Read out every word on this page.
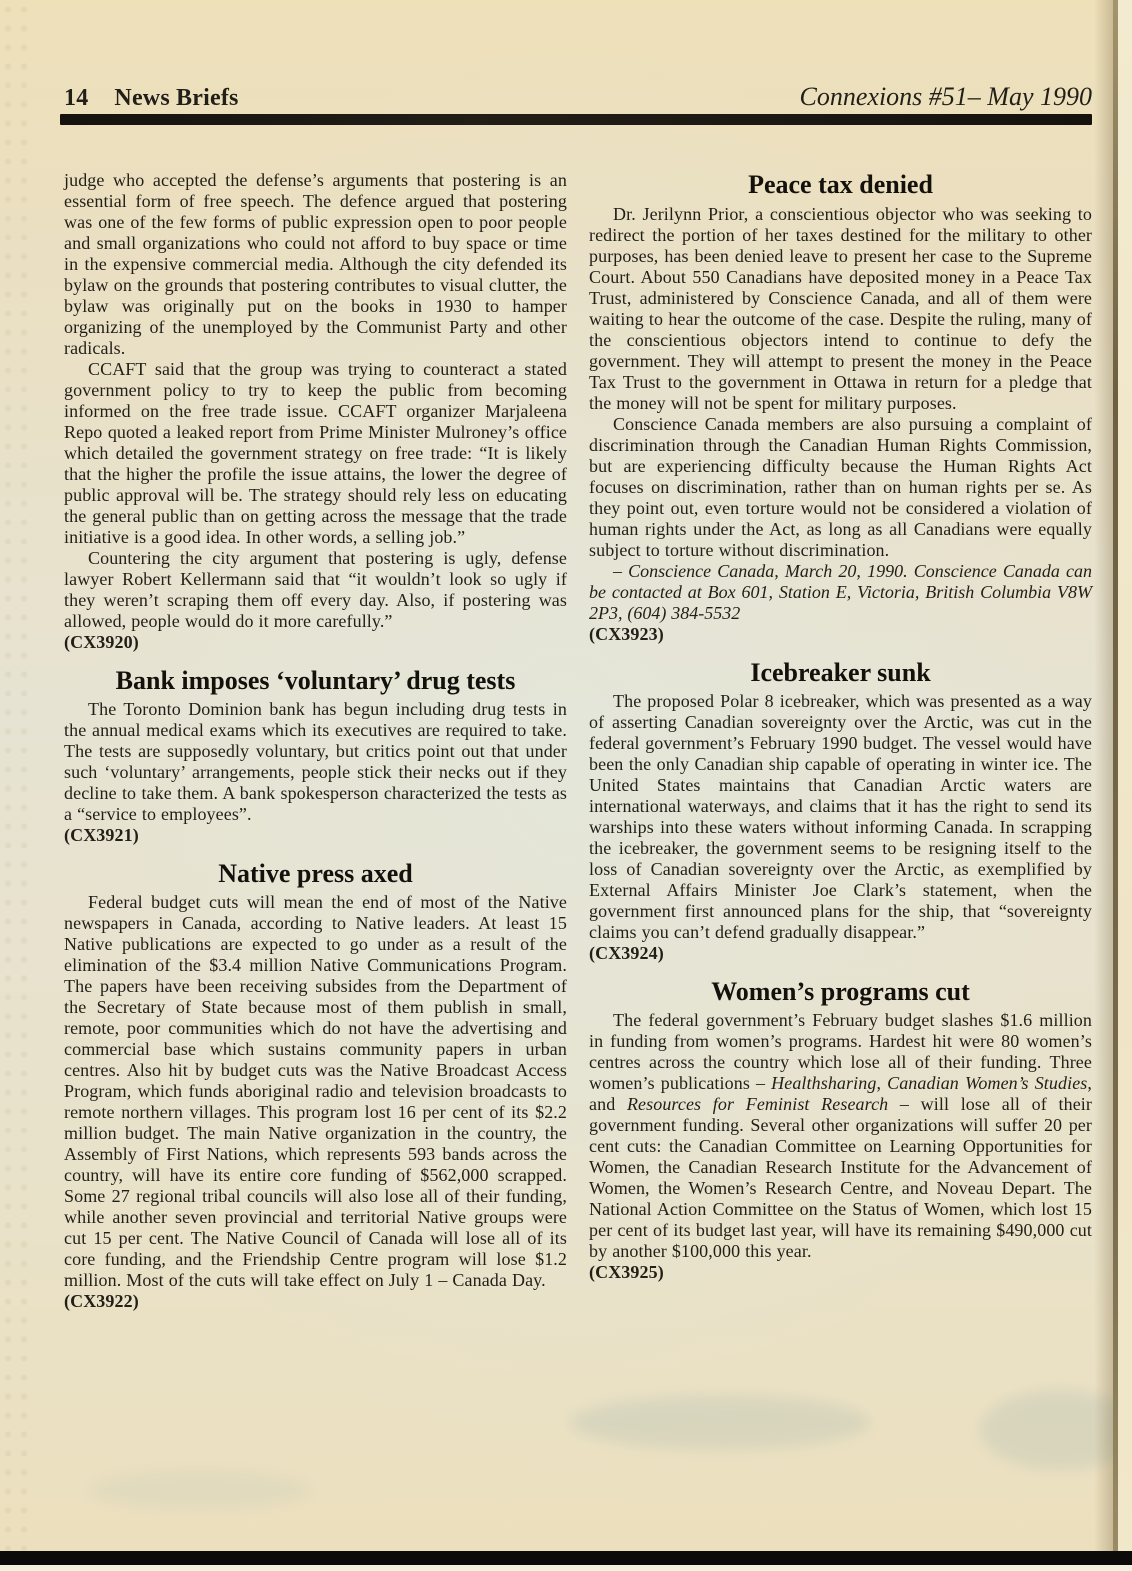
14 News Briefs	Connexions #51– May 1990

judge who accepted the defense’s arguments that postering is an essential form of free speech. The defence argued that postering was one of the few forms of public expression open to poor people and small organizations who could not afford to buy space or time in the expensive commercial media. Although the city defended its bylaw on the grounds that postering contributes to visual clutter, the bylaw was originally put on the books in 1930 to hamper organizing of the unemployed by the Communist Party and other radicals.

CCAFT said that the group was trying to counteract a stated government policy to try to keep the public from becoming informed on the free trade issue. CCAFT organizer Marjaleena Repo quoted a leaked report from Prime Minister Mulroney’s office which detailed the government strategy on free trade: “It is likely that the higher the profile the issue attains, the lower the degree of public approval will be. The strategy should rely less on educating the general public than on getting across the message that the trade initiative is a good idea. In other words, a selling job.”

Countering the city argument that postering is ugly, defense lawyer Robert Kellermann said that “it wouldn’t look so ugly if they weren’t scraping them off every day. Also, if postering was allowed, people would do it more carefully.”

(CX3920)

Bank imposes ‘voluntary’ drug tests

The Toronto Dominion bank has begun including drug tests in the annual medical exams which its executives are required to take. The tests are supposedly voluntary, but critics point out that under such ‘voluntary’ arrangements, people stick their necks out if they decline to take them. A bank spokesperson characterized the tests as a “service to employees”.

(CX3921)

Native press axed

Federal budget cuts will mean the end of most of the Native newspapers in Canada, according to Native leaders. At least 15 Native publications are expected to go under as a result of the elimination of the $3.4 million Native Communications Program. The papers have been receiving subsides from the Department of the Secretary of State because most of them publish in small, remote, poor communities which do not have the advertising and commercial base which sustains community papers in urban centres. Also hit by budget cuts was the Native Broadcast Access Program, which funds aboriginal radio and television broadcasts to remote northern villages. This program lost 16 per cent of its $2.2 million budget. The main Native organization in the country, the Assembly of First Nations, which represents 593 bands across the country, will have its entire core funding of $562,000 scrapped. Some 27 regional tribal councils will also lose all of their funding, while another seven provincial and territorial Native groups were cut 15 per cent. The Native Council of Canada will lose all of its core funding, and the Friendship Centre program will lose $1.2 million. Most of the cuts will take effect on July 1 – Canada Day.

(CX3922)

Peace tax denied

Dr. Jerilynn Prior, a conscientious objector who was seeking to redirect the portion of her taxes destined for the military to other purposes, has been denied leave to present her case to the Supreme Court. About 550 Canadians have deposited money in a Peace Tax Trust, administered by Conscience Canada, and all of them were waiting to hear the outcome of the case. Despite the ruling, many of the conscientious objectors intend to continue to defy the government. They will attempt to present the money in the Peace Tax Trust to the government in Ottawa in return for a pledge that the money will not be spent for military purposes.

Conscience Canada members are also pursuing a complaint of discrimination through the Canadian Human Rights Commission, but are experiencing difficulty because the Human Rights Act focuses on discrimination, rather than on human rights per se. As they point out, even torture would not be considered a violation of human rights under the Act, as long as all Canadians were equally subject to torture without discrimination.

– Conscience Canada, March 20, 1990. Conscience Canada can be contacted at Box 601, Station E, Victoria, British Columbia V8W 2P3, (604) 384-5532

(CX3923)

Icebreaker sunk

The proposed Polar 8 icebreaker, which was presented as a way of asserting Canadian sovereignty over the Arctic, was cut in the federal government’s February 1990 budget. The vessel would have been the only Canadian ship capable of operating in winter ice. The United States maintains that Canadian Arctic waters are international waterways, and claims that it has the right to send its warships into these waters without informing Canada. In scrapping the icebreaker, the government seems to be resigning itself to the loss of Canadian sovereignty over the Arctic, as exemplified by External Affairs Minister Joe Clark’s statement, when the government first announced plans for the ship, that “sovereignty claims you can’t defend gradually disappear.”

(CX3924)

Women’s programs cut

The federal government’s February budget slashes $1.6 million in funding from women’s programs. Hardest hit were 80 women’s centres across the country which lose all of their funding. Three women’s publications – Healthsharing, Canadian Women’s Studies, and Resources for Feminist Research – will lose all of their government funding. Several other organizations will suffer 20 per cent cuts: the Canadian Committee on Learning Opportunities for Women, the Canadian Research Institute for the Advancement of Women, the Women’s Research Centre, and Noveau Depart. The National Action Committee on the Status of Women, which lost 15 per cent of its budget last year, will have its remaining $490,000 cut by another $100,000 this year.

(CX3925)
